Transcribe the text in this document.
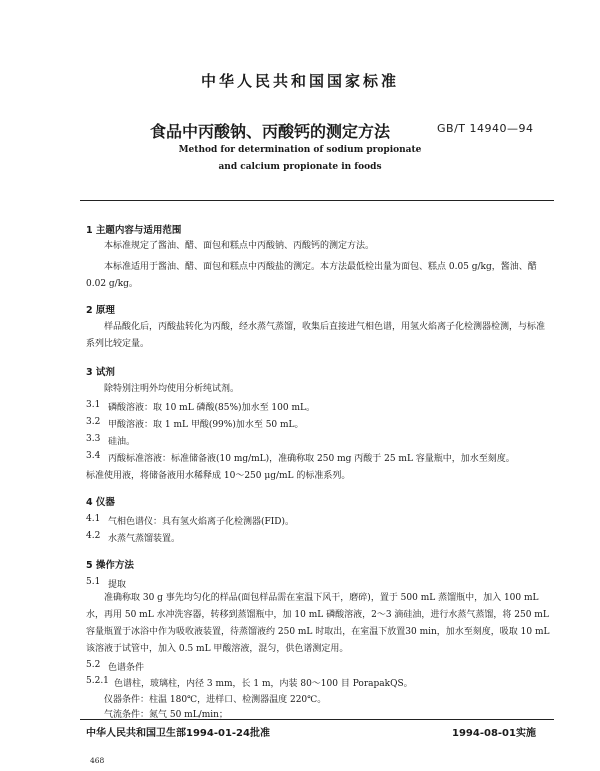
中华人民共和国国家标准
食品中丙酸钠、丙酸钙的测定方法	GB/T 14940—94
Method for determination of sodium propionate
and calcium propionate in foods
1 主题内容与适用范围
本标准规定了酱油、醋、面包和糕点中丙酸钠、丙酸钙的测定方法。
本标准适用于酱油、醋、面包和糕点中丙酸盐的测定。本方法最低检出量为面包、糕点 0.05 g/kg，酱油、醋 0.02 g/kg。
2 原理
样品酸化后，丙酸盐转化为丙酸，经水蒸气蒸馏，收集后直接进气相色谱，用氢火焰离子化检测器检测，与标准系列比较定量。
3 试剂
除特别注明外均使用分析纯试剂。
3.1 磷酸溶液：取 10 mL 磷酸(85%)加水至 100 mL。
3.2 甲酸溶液：取 1 mL 甲酸(99%)加水至 50 mL。
3.3 硅油。
3.4 丙酸标准溶液：标准储备液(10 mg/mL)，准确称取 250 mg 丙酸于 25 mL 容量瓶中，加水至刻度。
标准使用液，将储备液用水稀释成 10～250 μg/mL 的标准系列。
4 仪器
4.1 气相色谱仪：具有氢火焰离子化检测器(FID)。
4.2 水蒸气蒸馏装置。
5 操作方法
5.1 提取
准确称取 30 g 事先均匀化的样品(面包样品需在室温下风干，磨碎)，置于 500 mL 蒸馏瓶中，加入 100 mL 水，再用 50 mL 水冲洗容器，转移到蒸馏瓶中，加 10 mL 磷酸溶液，2～3 滴硅油，进行水蒸气蒸馏，将 250 mL 容量瓶置于冰浴中作为吸收液装置，待蒸馏液约 250 mL 时取出，在室温下放置30 min，加水至刻度，吸取 10 mL 该溶液于试管中，加入 0.5 mL 甲酸溶液，混匀，供色谱测定用。
5.2 色谱条件
5.2.1 色谱柱，玻璃柱，内径 3 mm，长 1 m，内装 80～100 目 PorapakQS。
仪器条件：柱温 180℃，进样口、检测器温度 220℃。
气流条件：氮气 50 mL/min；
中华人民共和国卫生部1994-01-24批准	1994-08-01实施
468
